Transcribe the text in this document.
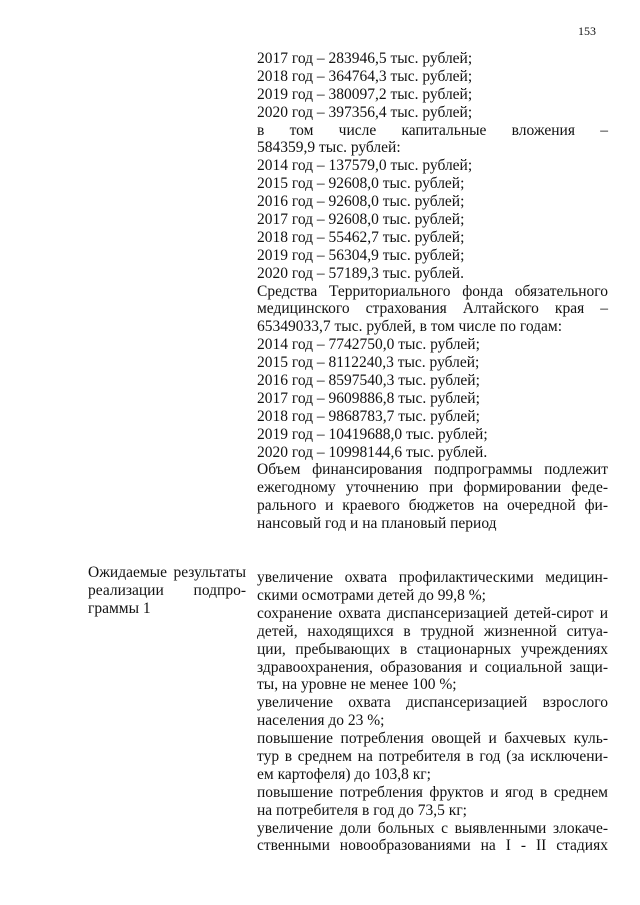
153
2017 год – 283946,5 тыс. рублей;
2018 год – 364764,3 тыс. рублей;
2019 год – 380097,2 тыс. рублей;
2020 год – 397356,4 тыс. рублей;
в том числе капитальные вложения –
584359,9 тыс. рублей:
2014 год – 137579,0 тыс. рублей;
2015 год – 92608,0 тыс. рублей;
2016 год – 92608,0 тыс. рублей;
2017 год – 92608,0 тыс. рублей;
2018 год – 55462,7 тыс. рублей;
2019 год – 56304,9 тыс. рублей;
2020 год – 57189,3 тыс. рублей.
Средства Территориального фонда обязательного
медицинского страхования Алтайского края –
65349033,7 тыс. рублей, в том числе по годам:
2014 год – 7742750,0 тыс. рублей;
2015 год – 8112240,3 тыс. рублей;
2016 год – 8597540,3 тыс. рублей;
2017 год – 9609886,8 тыс. рублей;
2018 год – 9868783,7 тыс. рублей;
2019 год – 10419688,0 тыс. рублей;
2020 год – 10998144,6 тыс. рублей.
Объем финансирования подпрограммы подлежит
ежегодному уточнению при формировании феде-
рального и краевого бюджетов на очередной фи-
нансовый год и на плановый период
увеличение охвата профилактическими медицин-
скими осмотрами детей до 99,8 %;
сохранение охвата диспансеризацией детей-сирот и
детей, находящихся в трудной жизненной ситуа-
ции, пребывающих в стационарных учреждениях
здравоохранения, образования и социальной защи-
ты, на уровне не менее 100 %;
увеличение охвата диспансеризацией взрослого
населения до 23 %;
повышение потребления овощей и бахчевых куль-
тур в среднем на потребителя в год (за исключени-
ем картофеля) до 103,8 кг;
повышение потребления фруктов и ягод в среднем
на потребителя в год до 73,5 кг;
увеличение доли больных с выявленными злокаче-
ственными новообразованиями на I - II стадиях
Ожидаемые результаты
реализации подпро-
граммы 1
